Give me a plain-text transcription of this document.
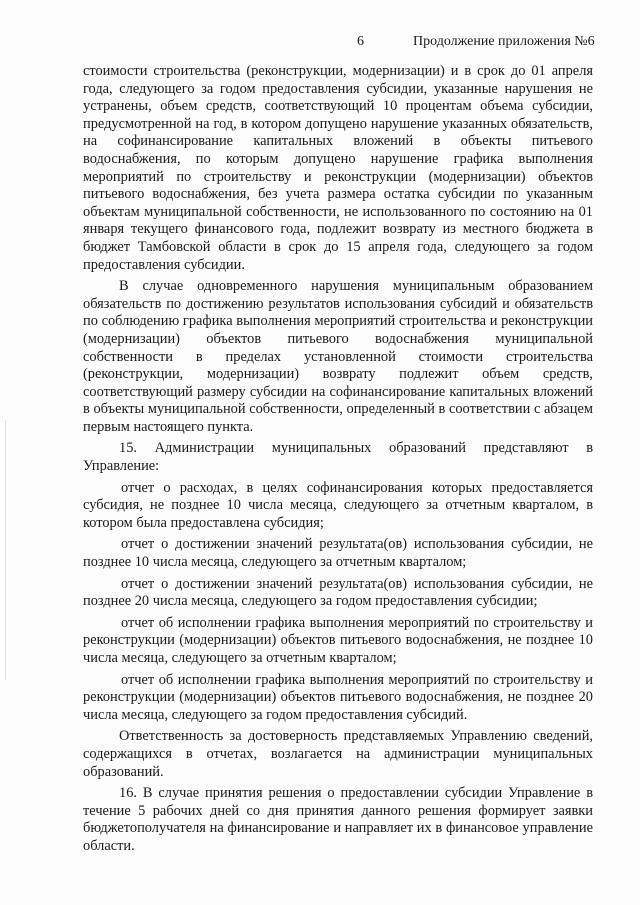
6	Продолжение приложения №6

стоимости строительства (реконструкции, модернизации) и в срок до 01 апреля года, следующего за годом предоставления субсидии, указанные нарушения не устранены, объем средств, соответствующий 10 процентам объема субсидии, предусмотренной на год, в котором допущено нарушение указанных обязательств, на софинансирование капитальных вложений в объекты питьевого водоснабжения, по которым допущено нарушение графика выполнения мероприятий по строительству и реконструкции (модернизации) объектов питьевого водоснабжения, без учета размера остатка субсидии по указанным объектам муниципальной собственности, не использованного по состоянию на 01 января текущего финансового года, подлежит возврату из местного бюджета в бюджет Тамбовской области в срок до 15 апреля года, следующего за годом предоставления субсидии.

В случае одновременного нарушения муниципальным образованием обязательств по достижению результатов использования субсидий и обязательств по соблюдению графика выполнения мероприятий строительства и реконструкции (модернизации) объектов питьевого водоснабжения муниципальной собственности в пределах установленной стоимости строительства (реконструкции, модернизации) возврату подлежит объем средств, соответствующий размеру субсидии на софинансирование капитальных вложений в объекты муниципальной собственности, определенный в соответствии с абзацем первым настоящего пункта.

15. Администрации муниципальных образований представляют в Управление:

отчет о расходах, в целях софинансирования которых предоставляется субсидия, не позднее 10 числа месяца, следующего за отчетным кварталом, в котором была предоставлена субсидия;

отчет о достижении значений результата(ов) использования субсидии, не позднее 10 числа месяца, следующего за отчетным кварталом;

отчет о достижении значений результата(ов) использования субсидии, не позднее 20 числа месяца, следующего за годом предоставления субсидии;

отчет об исполнении графика выполнения мероприятий по строительству и реконструкции (модернизации) объектов питьевого водоснабжения, не позднее 10 числа месяца, следующего за отчетным кварталом;

отчет об исполнении графика выполнения мероприятий по строительству и реконструкции (модернизации) объектов питьевого водоснабжения, не позднее 20 числа месяца, следующего за годом предоставления субсидий.

Ответственность за достоверность представляемых Управлению сведений, содержащихся в отчетах, возлагается на администрации муниципальных образований.

16. В случае принятия решения о предоставлении субсидии Управление в течение 5 рабочих дней со дня принятия данного решения формирует заявки бюджетополучателя на финансирование и направляет их в финансовое управление области.
